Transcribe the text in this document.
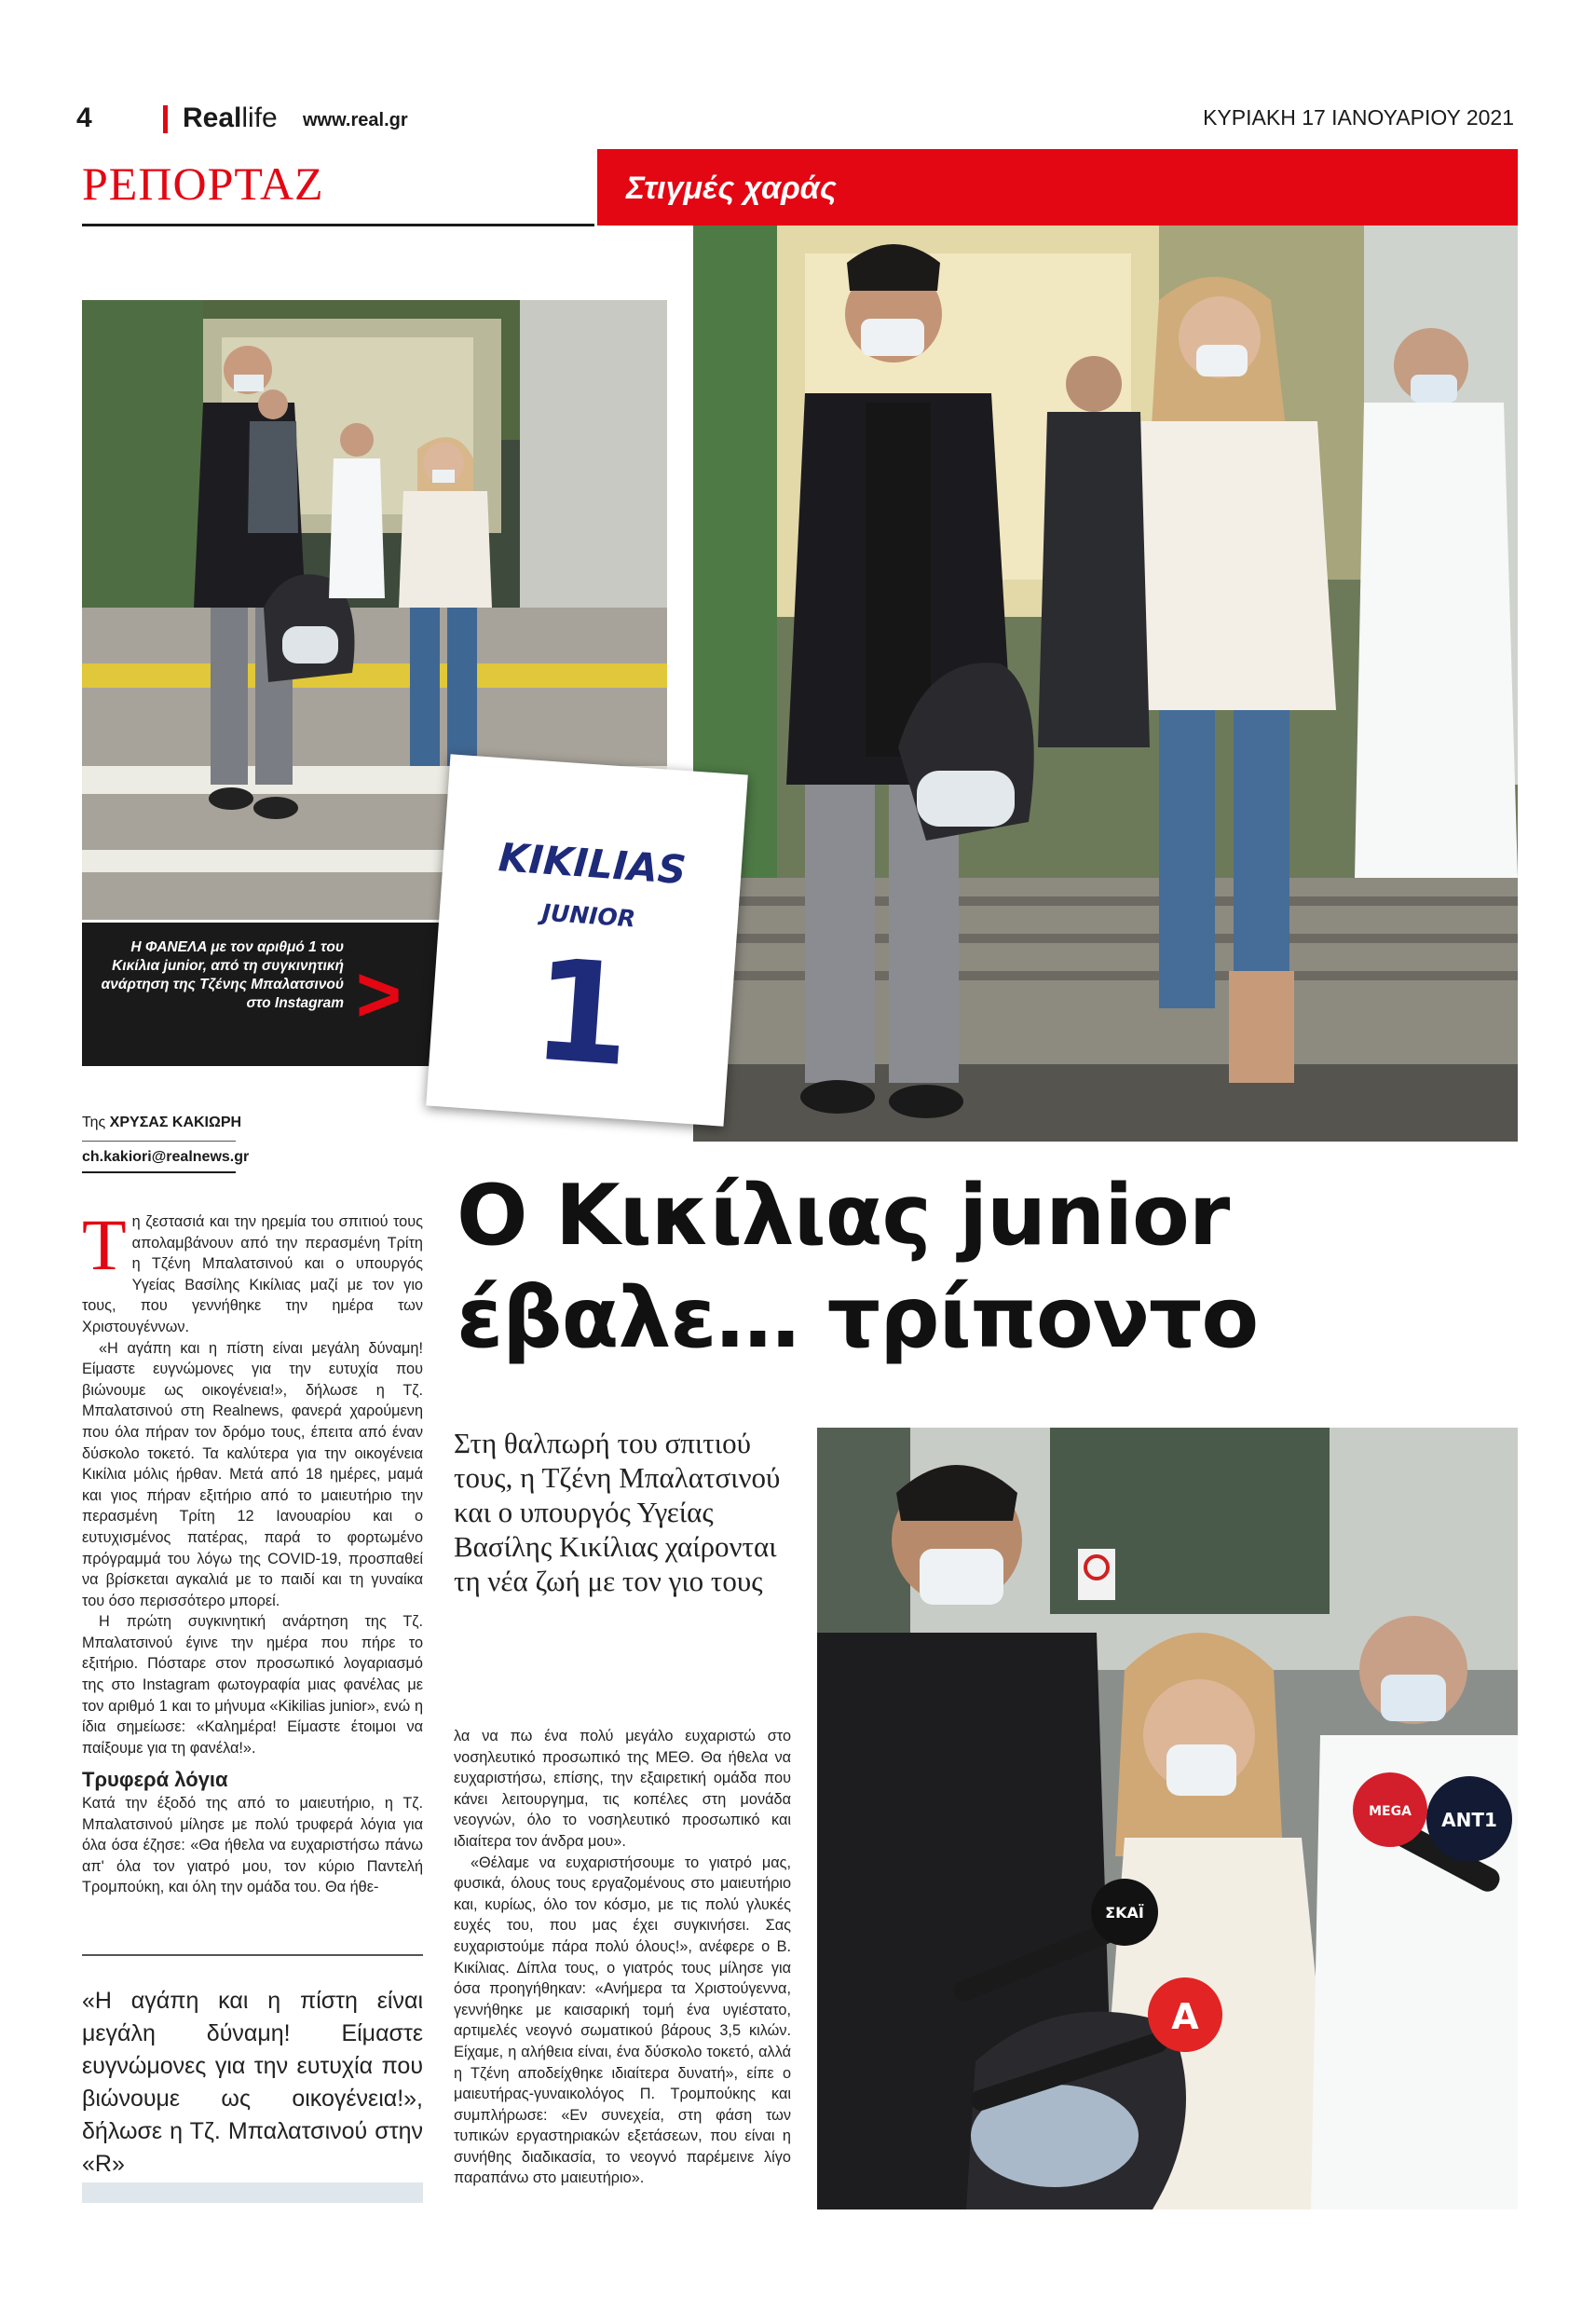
4	Reallife www.real.gr	ΚΥΡΙΑΚΗ 17 ΙΑΝΟΥΑΡΙΟΥ 2021
ΡΕΠΟΡΤΑΖ	Στιγμές χαράς
Η ΦΑΝΕΛΑ με τον αριθμό 1 του Κικίλια junior, από τη συγκινητική ανάρτηση της Τζένης Μπαλατσινού στο Instagram >
KIKILIAS
JUNIOR
1
Της ΧΡΥΣΑΣ ΚΑΚΙΩΡΗ
ch.kakiori@realnews.gr
Ο Κικίλιας junior
έβαλε… τρίποντο
Στη θαλπωρή του σπιτιού τους, η Τζένη Μπαλατσινού και ο υπουργός Υγείας Βασίλης Κικίλιας χαίρονται τη νέα ζωή με τον γιο τους

Τη ζεστασιά και την ηρεμία του σπιτιού τους απολαμβάνουν από την περασμένη Τρίτη η Τζένη Μπαλατσινού και ο υπουργός Υγείας Βασίλης Κικίλιας μαζί με τον γιο τους, που γεννήθηκε την ημέρα των Χριστουγέννων.

«Η αγάπη και η πίστη είναι μεγάλη δύναμη! Είμαστε ευγνώμονες για την ευτυχία που βιώνουμε ως οικογένεια!», δήλωσε η Τζ. Μπαλατσινού στη Realnews, φανερά χαρούμενη που όλα πήραν τον δρόμο τους, έπειτα από έναν δύσκολο τοκετό. Τα καλύτερα για την οικογένεια Κικίλια μόλις ήρθαν. Μετά από 18 ημέρες, μαμά και γιος πήραν εξιτήριο από το μαιευτήριο την περασμένη Τρίτη 12 Ιανουαρίου και ο ευτυχισμένος πατέρας, παρά το φορτωμένο πρόγραμμά του λόγω της COVID-19, προσπαθεί να βρίσκεται αγκαλιά με το παιδί και τη γυναίκα του όσο περισσότερο μπορεί.

Η πρώτη συγκινητική ανάρτηση της Τζ. Μπαλατσινού έγινε την ημέρα που πήρε το εξιτήριο. Πόσταρε στον προσωπικό λογαριασμό της στο Instagram φωτογραφία μιας φανέλας με τον αριθμό 1 και το μήνυμα «Kikilias junior», ενώ η ίδια σημείωσε: «Καλημέρα! Είμαστε έτοιμοι να παίξουμε για τη φανέλα!».

Τρυφερά λόγια

Κατά την έξοδό της από το μαιευτήριο, η Τζ. Μπαλατσινού μίλησε με πολύ τρυφερά λόγια για όλα όσα έζησε: «Θα ήθελα να ευχαριστήσω πάνω απ' όλα τον γιατρό μου, τον κύριο Παντελή Τρομπούκη, και όλη την ομάδα του. Θα ήθε-

«Η αγάπη και η πίστη είναι μεγάλη δύναμη! Είμαστε ευγνώμονες για την ευτυχία που βιώνουμε ως οικογένεια!», δήλωσε η Τζ. Μπαλατσινού στην «R»

λα να πω ένα πολύ μεγάλο ευχαριστώ στο νοσηλευτικό προσωπικό της ΜΕΘ. Θα ήθελα να ευχαριστήσω, επίσης, την εξαιρετική ομάδα που κάνει λειτουργημα, τις κοπέλες στη μονάδα νεογνών, όλο το νοσηλευτικό προσωπικό και ιδιαίτερα τον άνδρα μου».

«Θέλαμε να ευχαριστήσουμε το γιατρό μας, φυσικά, όλους τους εργαζομένους στο μαιευτήριο και, κυρίως, όλο τον κόσμο, με τις πολύ γλυκές ευχές του, που μας έχει συγκινήσει. Σας ευχαριστούμε πάρα πολύ όλους!», ανέφερε ο Β. Κικίλιας. Δίπλα τους, ο γιατρός τους μίλησε για όσα προηγήθηκαν: «Ανήμερα τα Χριστούγεννα, γεννήθηκε με καισαρική τομή ένα υγιέστατο, αρτιμελές νεογνό σωματικού βάρους 3,5 κιλών. Είχαμε, η αλήθεια είναι, ένα δύσκολο τοκετό, αλλά η Τζένη αποδείχθηκε ιδιαίτερα δυνατή», είπε ο μαιευτήρας-γυναικολόγος Π. Τρομπούκης και συμπλήρωσε: «Εν συνεχεία, στη φάση των τυπικών εργαστηριακών εξετάσεων, που είναι η συνήθης διαδικασία, το νεογνό παρέμεινε λίγο παραπάνω στο μαιευτήριο».

ΣΚΑΪ
Α
ΑΝΤ1
MEGA
